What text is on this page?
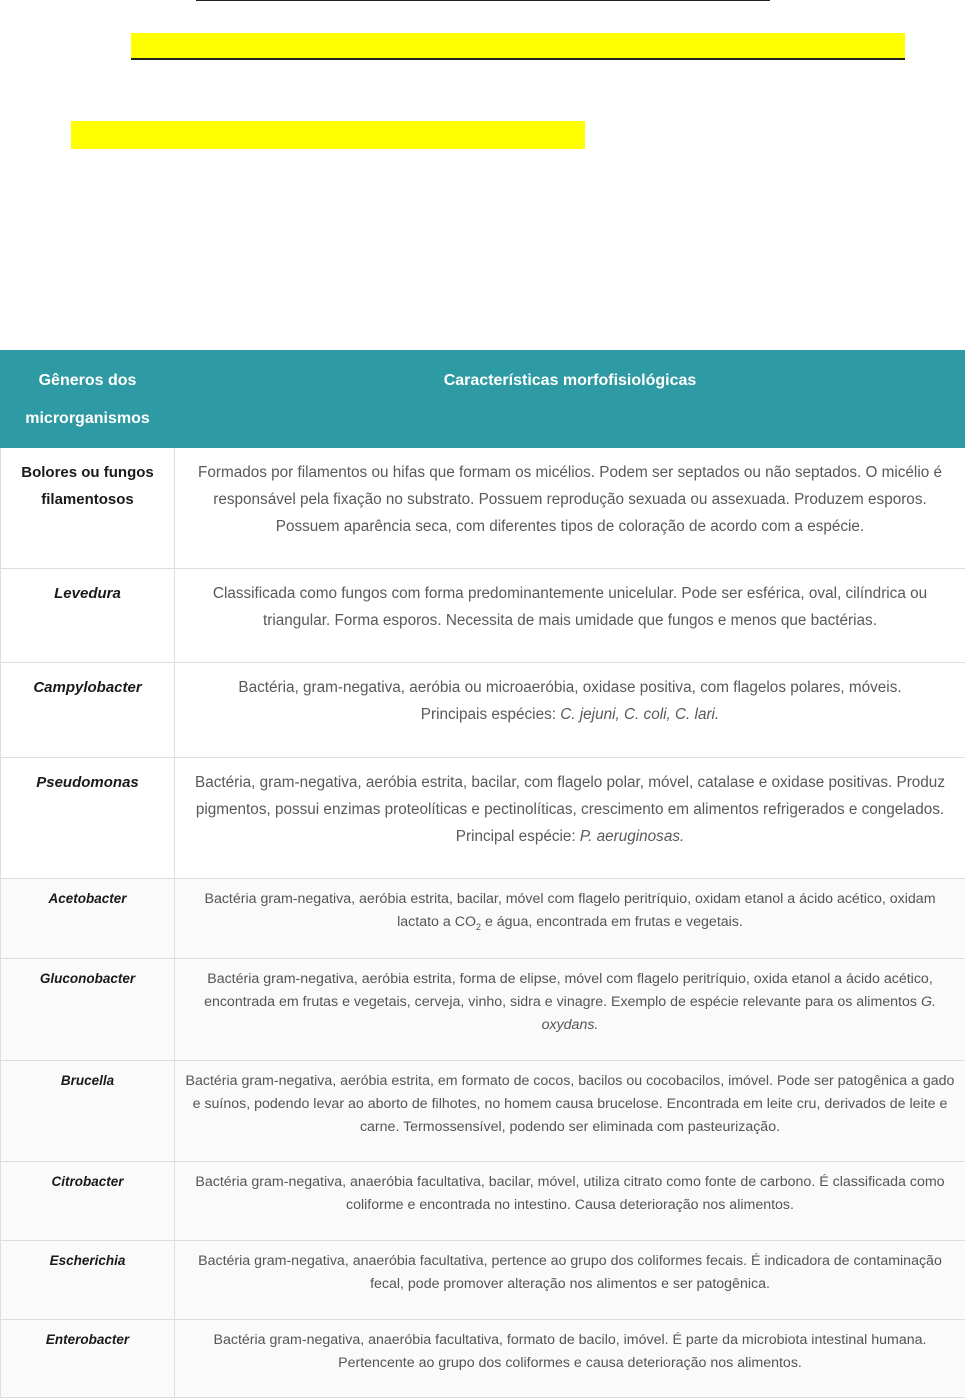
Gêneros dos microrganismos	Características morfofisiológicas
Bolores ou fungos filamentosos	Formados por filamentos ou hifas que formam os micélios. Podem ser septados ou não septados. O micélio é responsável pela fixação no substrato. Possuem reprodução sexuada ou assexuada. Produzem esporos. Possuem aparência seca, com diferentes tipos de coloração de acordo com a espécie.
Levedura	Classificada como fungos com forma predominantemente unicelular. Pode ser esférica, oval, cilíndrica ou triangular. Forma esporos. Necessita de mais umidade que fungos e menos que bactérias.
Campylobacter	Bactéria, gram-negativa, aeróbia ou microaeróbia, oxidase positiva, com flagelos polares, móveis.
Principais espécies: C. jejuni, C. coli, C. lari.
Pseudomonas	Bactéria, gram-negativa, aeróbia estrita, bacilar, com flagelo polar, móvel, catalase e oxidase positivas. Produz pigmentos, possui enzimas proteolíticas e pectinolíticas, crescimento em alimentos refrigerados e congelados. Principal espécie: P. aeruginosas.
Acetobacter	Bactéria gram-negativa, aeróbia estrita, bacilar, móvel com flagelo peritríquio, oxidam etanol a ácido acético, oxidam lactato a $CO_2$ e água, encontrada em frutas e vegetais.
Gluconobacter	Bactéria gram-negativa, aeróbia estrita, forma de elipse, móvel com flagelo peritríquio, oxida etanol a ácido acético, encontrada em frutas e vegetais, cerveja, vinho, sidra e vinagre. Exemplo de espécie relevante para os alimentos G. oxydans.
Brucella	Bactéria gram-negativa, aeróbia estrita, em formato de cocos, bacilos ou cocobacilos, imóvel. Pode ser patogênica a gado e suínos, podendo levar ao aborto de filhotes, no homem causa brucelose. Encontrada em leite cru, derivados de leite e carne. Termossensível, podendo ser eliminada com pasteurização.
Citrobacter	Bactéria gram-negativa, anaeróbia facultativa, bacilar, móvel, utiliza citrato como fonte de carbono. É classificada como coliforme e encontrada no intestino. Causa deterioração nos alimentos.
Escherichia	Bactéria gram-negativa, anaeróbia facultativa, pertence ao grupo dos coliformes fecais. É indicadora de contaminação fecal, pode promover alteração nos alimentos e ser patogênica.
Enterobacter	Bactéria gram-negativa, anaeróbia facultativa, formato de bacilo, imóvel. É parte da microbiota intestinal humana. Pertencente ao grupo dos coliformes e causa deterioração nos alimentos.
